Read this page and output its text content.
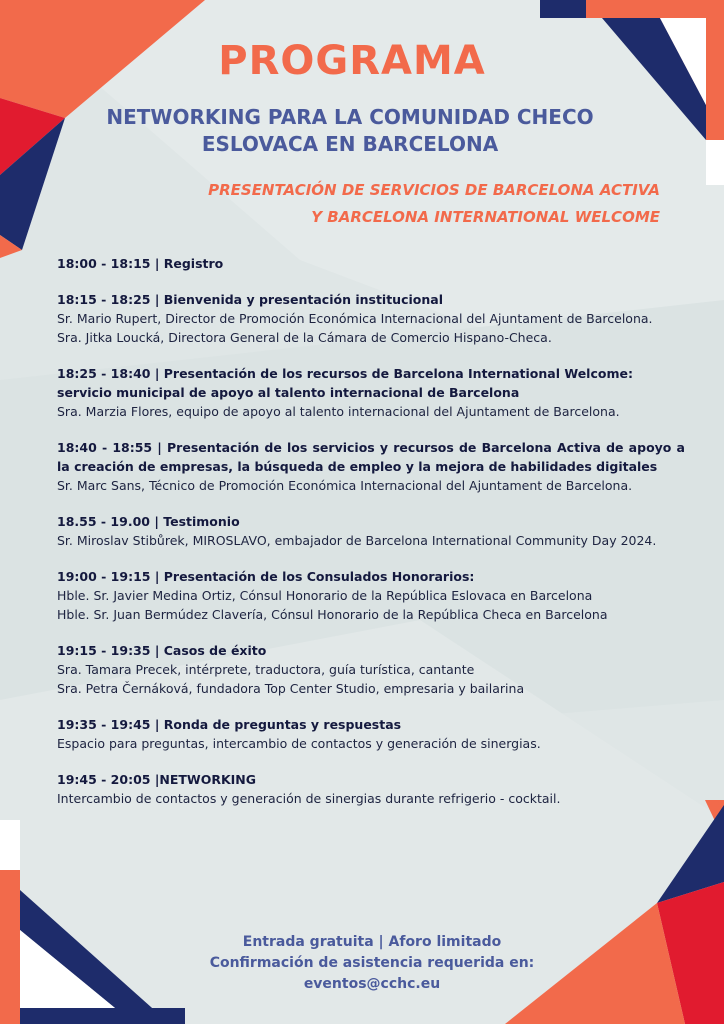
PROGRAMA
NETWORKING PARA LA COMUNIDAD CHECO
ESLOVACA EN BARCELONA

PRESENTACIÓN DE SERVICIOS DE BARCELONA ACTIVA
Y BARCELONA INTERNATIONAL WELCOME

18:00 - 18:15 | Registro

18:15 - 18:25 | Bienvenida y presentación institucional

Sr. Mario Rupert, Director de Promoción Económica Internacional del Ajuntament de Barcelona.

Sra. Jitka Loucká, Directora General de la Cámara de Comercio Hispano-Checa.

18:25 - 18:40 | Presentación de los recursos de Barcelona International Welcome:

servicio municipal de apoyo al talento internacional de Barcelona

Sra. Marzia Flores, equipo de apoyo al talento internacional del Ajuntament de Barcelona.

18:40 - 18:55 | Presentación de los servicios y recursos de Barcelona Activa de apoyo a la creación de empresas, la búsqueda de empleo y la mejora de habilidades digitales

Sr. Marc Sans, Técnico de Promoción Económica Internacional del Ajuntament de Barcelona.

18.55 - 19.00 | Testimonio

Sr. Miroslav Stibůrek, MIROSLAVO, embajador de Barcelona International Community Day 2024.

19:00 - 19:15 | Presentación de los Consulados Honorarios:

Hble. Sr. Javier Medina Ortiz, Cónsul Honorario de la República Eslovaca en Barcelona

Hble. Sr. Juan Bermúdez Clavería, Cónsul Honorario de la República Checa en Barcelona

19:15 - 19:35 | Casos de éxito

Sra. Tamara Precek, intérprete, traductora, guía turística, cantante

Sra. Petra Černáková, fundadora Top Center Studio, empresaria y bailarina

19:35 - 19:45 | Ronda de preguntas y respuestas

Espacio para preguntas, intercambio de contactos y generación de sinergias.

19:45 - 20:05 |NETWORKING

Intercambio de contactos y generación de sinergias durante refrigerio - cocktail.

Entrada gratuita | Aforo limitado
Confirmación de asistencia requerida en:
eventos@cchc.eu
